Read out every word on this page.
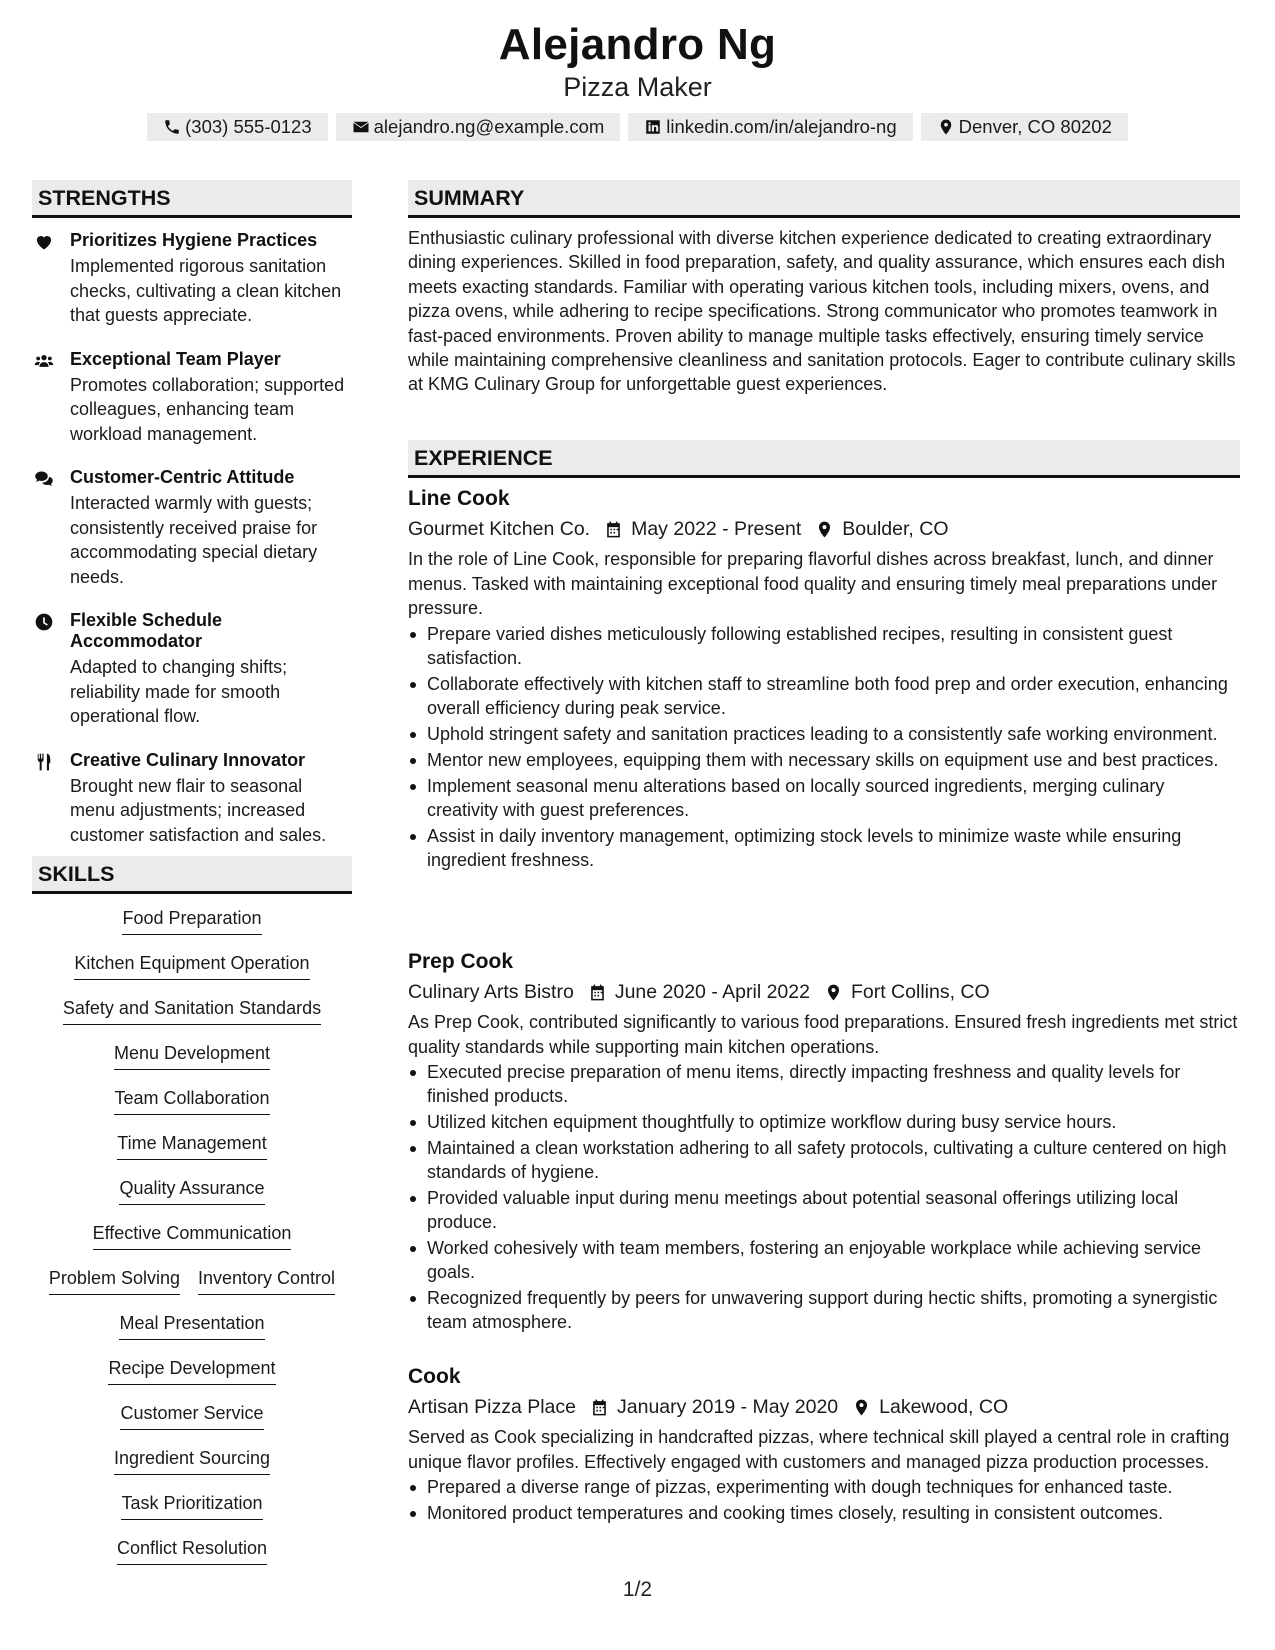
Alejandro Ng
Pizza Maker
(303) 555-0123	alejandro.ng@example.com	linkedin.com/in/alejandro-ng	Denver, CO 80202
STRENGTHS
Prioritizes Hygiene Practices
Implemented rigorous sanitation checks, cultivating a clean kitchen that guests appreciate.
Exceptional Team Player
Promotes collaboration; supported colleagues, enhancing team workload management.
Customer-Centric Attitude
Interacted warmly with guests; consistently received praise for accommodating special dietary needs.
Flexible Schedule Accommodator
Adapted to changing shifts; reliability made for smooth operational flow.
Creative Culinary Innovator
Brought new flair to seasonal menu adjustments; increased customer satisfaction and sales.
SKILLS
Food Preparation
Kitchen Equipment Operation
Safety and Sanitation Standards
Menu Development
Team Collaboration
Time Management
Quality Assurance
Effective Communication
Problem Solving Inventory Control
Meal Presentation
Recipe Development
Customer Service
Ingredient Sourcing
Task Prioritization
Conflict Resolution
SUMMARY
Enthusiastic culinary professional with diverse kitchen experience dedicated to creating extraordinary dining experiences. Skilled in food preparation, safety, and quality assurance, which ensures each dish meets exacting standards. Familiar with operating various kitchen tools, including mixers, ovens, and pizza ovens, while adhering to recipe specifications. Strong communicator who promotes teamwork in fast-paced environments. Proven ability to manage multiple tasks effectively, ensuring timely service while maintaining comprehensive cleanliness and sanitation protocols. Eager to contribute culinary skills at KMG Culinary Group for unforgettable guest experiences.
EXPERIENCE
Line Cook
Gourmet Kitchen Co. May 2022 - Present Boulder, CO
In the role of Line Cook, responsible for preparing flavorful dishes across breakfast, lunch, and dinner menus. Tasked with maintaining exceptional food quality and ensuring timely meal preparations under pressure.
Prepare varied dishes meticulously following established recipes, resulting in consistent guest satisfaction.
Collaborate effectively with kitchen staff to streamline both food prep and order execution, enhancing overall efficiency during peak service.
Uphold stringent safety and sanitation practices leading to a consistently safe working environment.
Mentor new employees, equipping them with necessary skills on equipment use and best practices.
Implement seasonal menu alterations based on locally sourced ingredients, merging culinary creativity with guest preferences.
Assist in daily inventory management, optimizing stock levels to minimize waste while ensuring ingredient freshness.
Prep Cook
Culinary Arts Bistro June 2020 - April 2022 Fort Collins, CO
As Prep Cook, contributed significantly to various food preparations. Ensured fresh ingredients met strict quality standards while supporting main kitchen operations.
Executed precise preparation of menu items, directly impacting freshness and quality levels for finished products.
Utilized kitchen equipment thoughtfully to optimize workflow during busy service hours.
Maintained a clean workstation adhering to all safety protocols, cultivating a culture centered on high standards of hygiene.
Provided valuable input during menu meetings about potential seasonal offerings utilizing local produce.
Worked cohesively with team members, fostering an enjoyable workplace while achieving service goals.
Recognized frequently by peers for unwavering support during hectic shifts, promoting a synergistic team atmosphere.
Cook
Artisan Pizza Place January 2019 - May 2020 Lakewood, CO
Served as Cook specializing in handcrafted pizzas, where technical skill played a central role in crafting unique flavor profiles. Effectively engaged with customers and managed pizza production processes.
Prepared a diverse range of pizzas, experimenting with dough techniques for enhanced taste.
Monitored product temperatures and cooking times closely, resulting in consistent outcomes.
1/2
